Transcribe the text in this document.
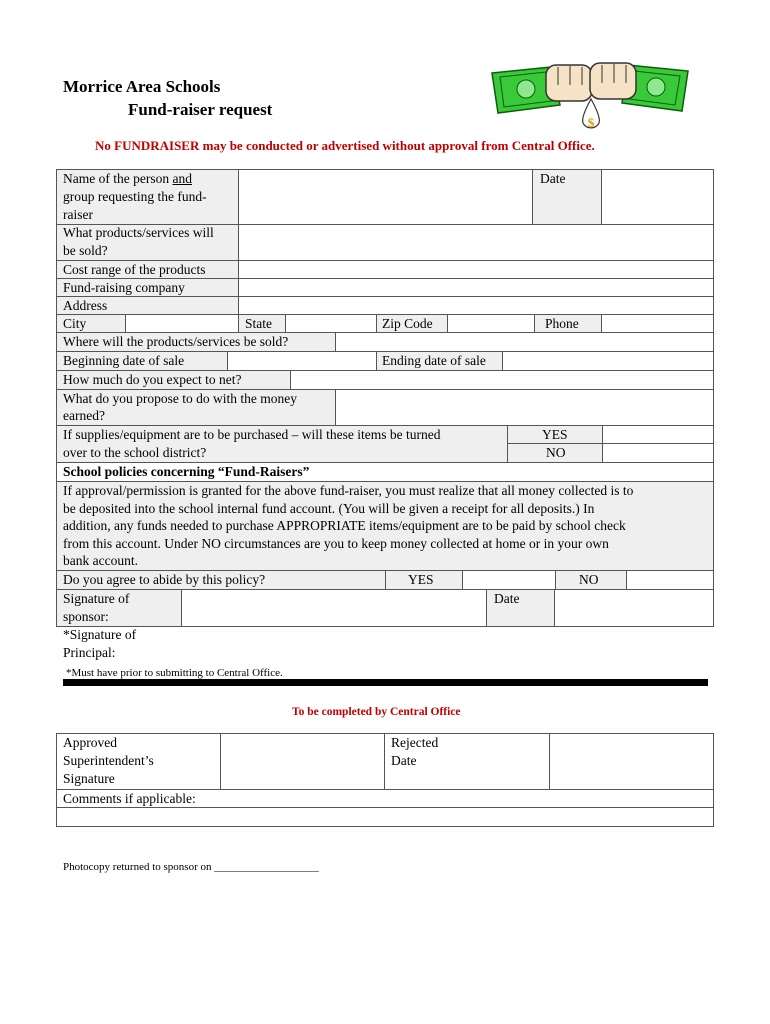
Morrice Area Schools
Fund-raiser request
$
No FUNDRAISER may be conducted or advertised without approval from Central Office.
Name of the person and
group requesting the fund-
raiser
Date
What products/services will
be sold?
Cost range of the products
Fund-raising company
Address
City	State	Zip Code	Phone
Where will the products/services be sold?
Beginning date of sale	Ending date of sale
How much do you expect to net?
What do you propose to do with the money
earned?
If supplies/equipment are to be purchased – will these items be turned
over to the school district?
YES
NO
School policies concerning “Fund-Raisers”
If approval/permission is granted for the above fund-raiser, you must realize that all money collected is to
be deposited into the school internal fund account. (You will be given a receipt for all deposits.) In
addition, any funds needed to purchase APPROPRIATE items/equipment are to be paid by school check
from this account. Under NO circumstances are you to keep money collected at home or in your own
bank account.
Do you agree to abide by this policy?	YES	NO
Signature of
sponsor:
Date
*Signature of
Principal:
*Must have prior to submitting to Central Office.
To be completed by Central Office
Approved
Superintendent’s
Signature
Rejected
Date
Comments if applicable:
Photocopy returned to sponsor on ___________________
